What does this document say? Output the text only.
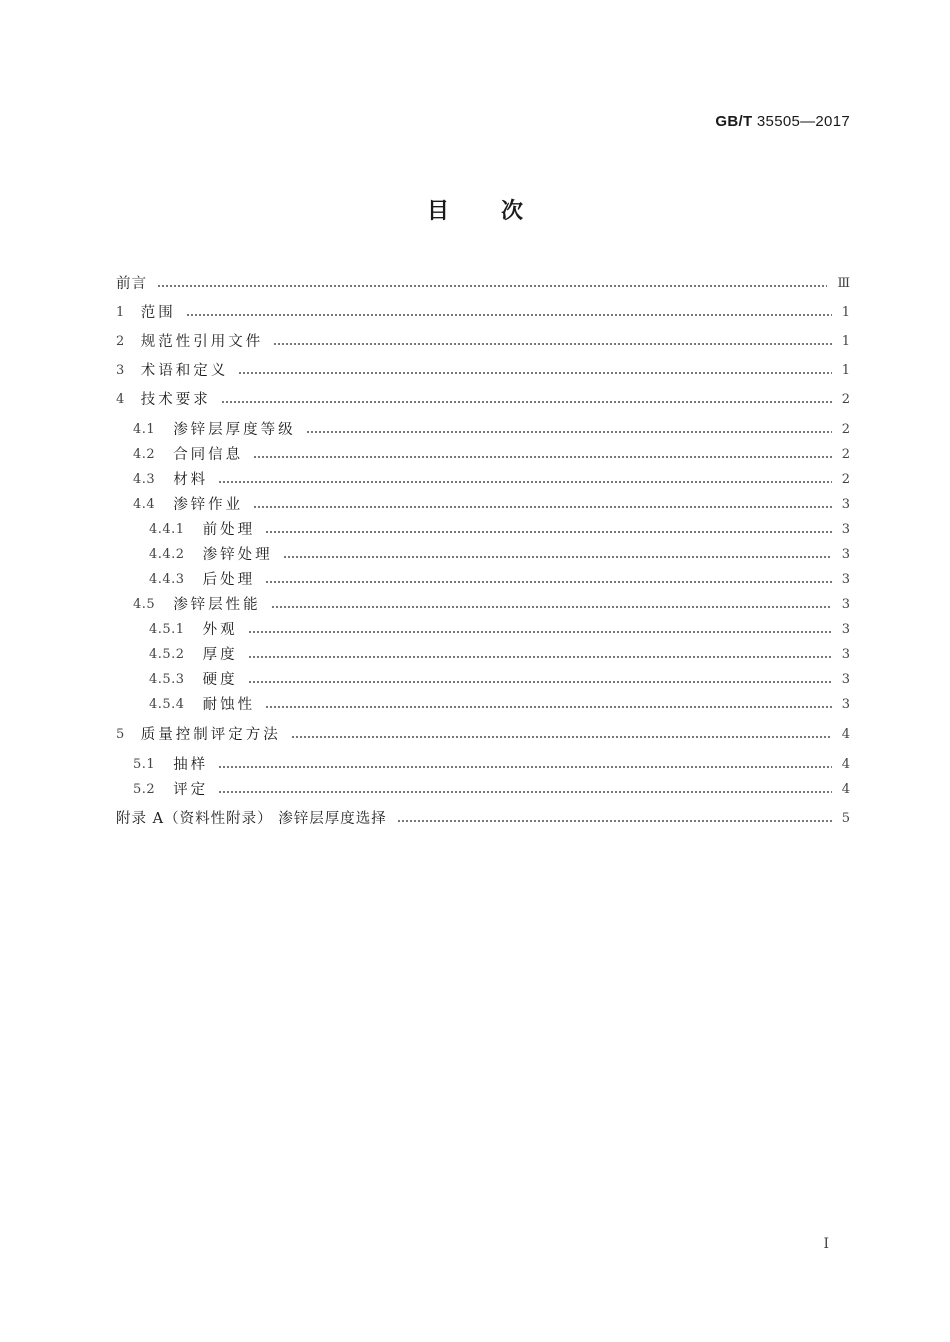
GB/T 35505—2017
目次
前言	Ⅲ
1 范围	1
2 规范性引用文件	1
3 术语和定义	1
4 技术要求	2
4.1 渗锌层厚度等级	2
4.2 合同信息	2
4.3 材料	2
4.4 渗锌作业	3
4.4.1 前处理	3
4.4.2 渗锌处理	3
4.4.3 后处理	3
4.5 渗锌层性能	3
4.5.1 外观	3
4.5.2 厚度	3
4.5.3 硬度	3
4.5.4 耐蚀性	3
5 质量控制评定方法	4
5.1 抽样	4
5.2 评定	4
附录 A（资料性附录） 渗锌层厚度选择	5
Ⅰ
